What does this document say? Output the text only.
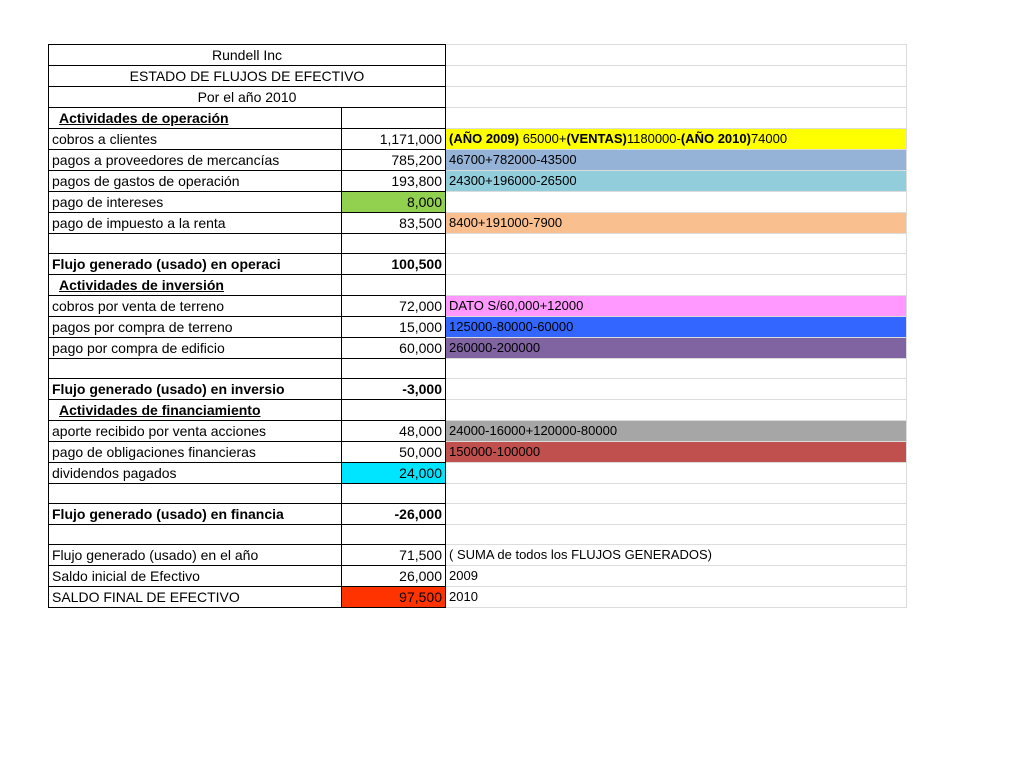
Rundell Inc		
ESTADO DE FLUJOS DE EFECTIVO		
Por el año 2010		
Actividades de operación		
cobros a clientes	1,171,000	(AÑO 2009) 65000+(VENTAS)1180000-(AÑO 2010)74000
pagos a proveedores de mercancías	785,200	46700+782000-43500
pagos de gastos de operación	193,800	24300+196000-26500
pago de intereses	8,000	
pago de impuesto a la renta	83,500	8400+191000-7900

Flujo generado (usado) en operaci	100,500	
Actividades de inversión		
cobros por venta de terreno	72,000	DATO S/60,000+12000
pagos por compra de terreno	15,000	125000-80000-60000
pago por compra de edificio	60,000	260000-200000

Flujo generado (usado) en inversio	-3,000	
Actividades de financiamiento		
aporte recibido por venta acciones	48,000	24000-16000+120000-80000
pago de obligaciones financieras	50,000	150000-100000
dividendos pagados	24,000	

Flujo generado (usado) en financia	-26,000	

Flujo generado (usado) en el año	71,500	( SUMA de todos los FLUJOS GENERADOS)
Saldo inicial de Efectivo	26,000	2009
SALDO FINAL DE EFECTIVO	97,500	2010
